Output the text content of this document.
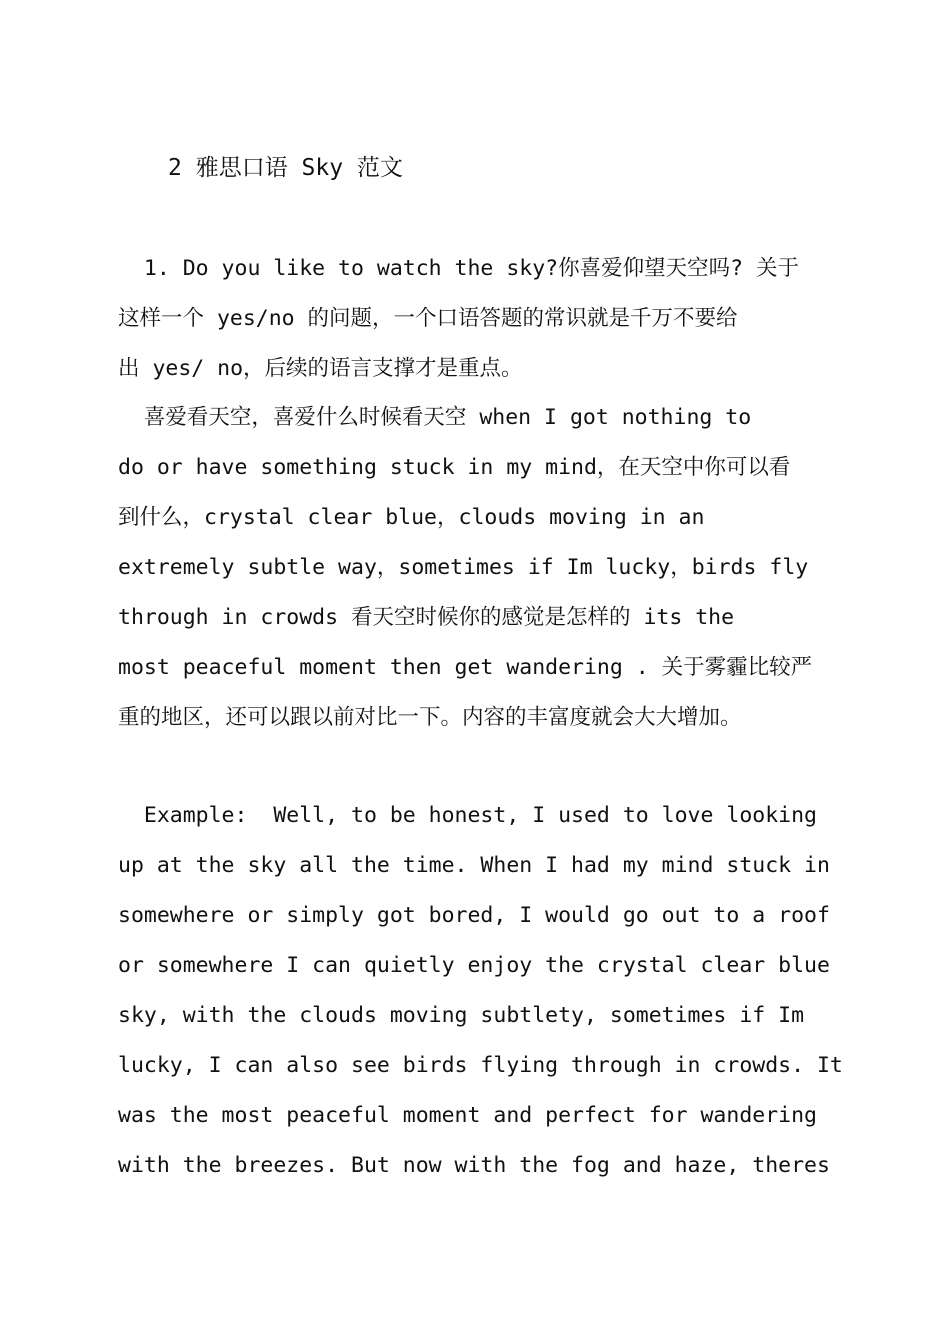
2 雅思口语 Sky 范文
1. Do you like to watch the sky?你喜爱仰望天空吗? 关于
这样一个 yes/no 的问题，一个口语答题的常识就是千万不要给
出 yes/ no，后续的语言支撑才是重点。
喜爱看天空，喜爱什么时候看天空 when I got nothing to
do or have something stuck in my mind，在天空中你可以看
到什么，crystal clear blue，clouds moving in an
extremely subtle way，sometimes if Im lucky，birds fly
through in crowds 看天空时候你的感觉是怎样的 its the
most peaceful moment then get wandering . 关于雾霾比较严
重的地区，还可以跟以前对比一下。内容的丰富度就会大大增加。
Example:  Well, to be honest, I used to love looking
up at the sky all the time. When I had my mind stuck in
somewhere or simply got bored, I would go out to a roof
or somewhere I can quietly enjoy the crystal clear blue
sky, with the clouds moving subtlety, sometimes if Im
lucky, I can also see birds flying through in crowds. It
was the most peaceful moment and perfect for wandering
with the breezes. But now with the fog and haze, theres
